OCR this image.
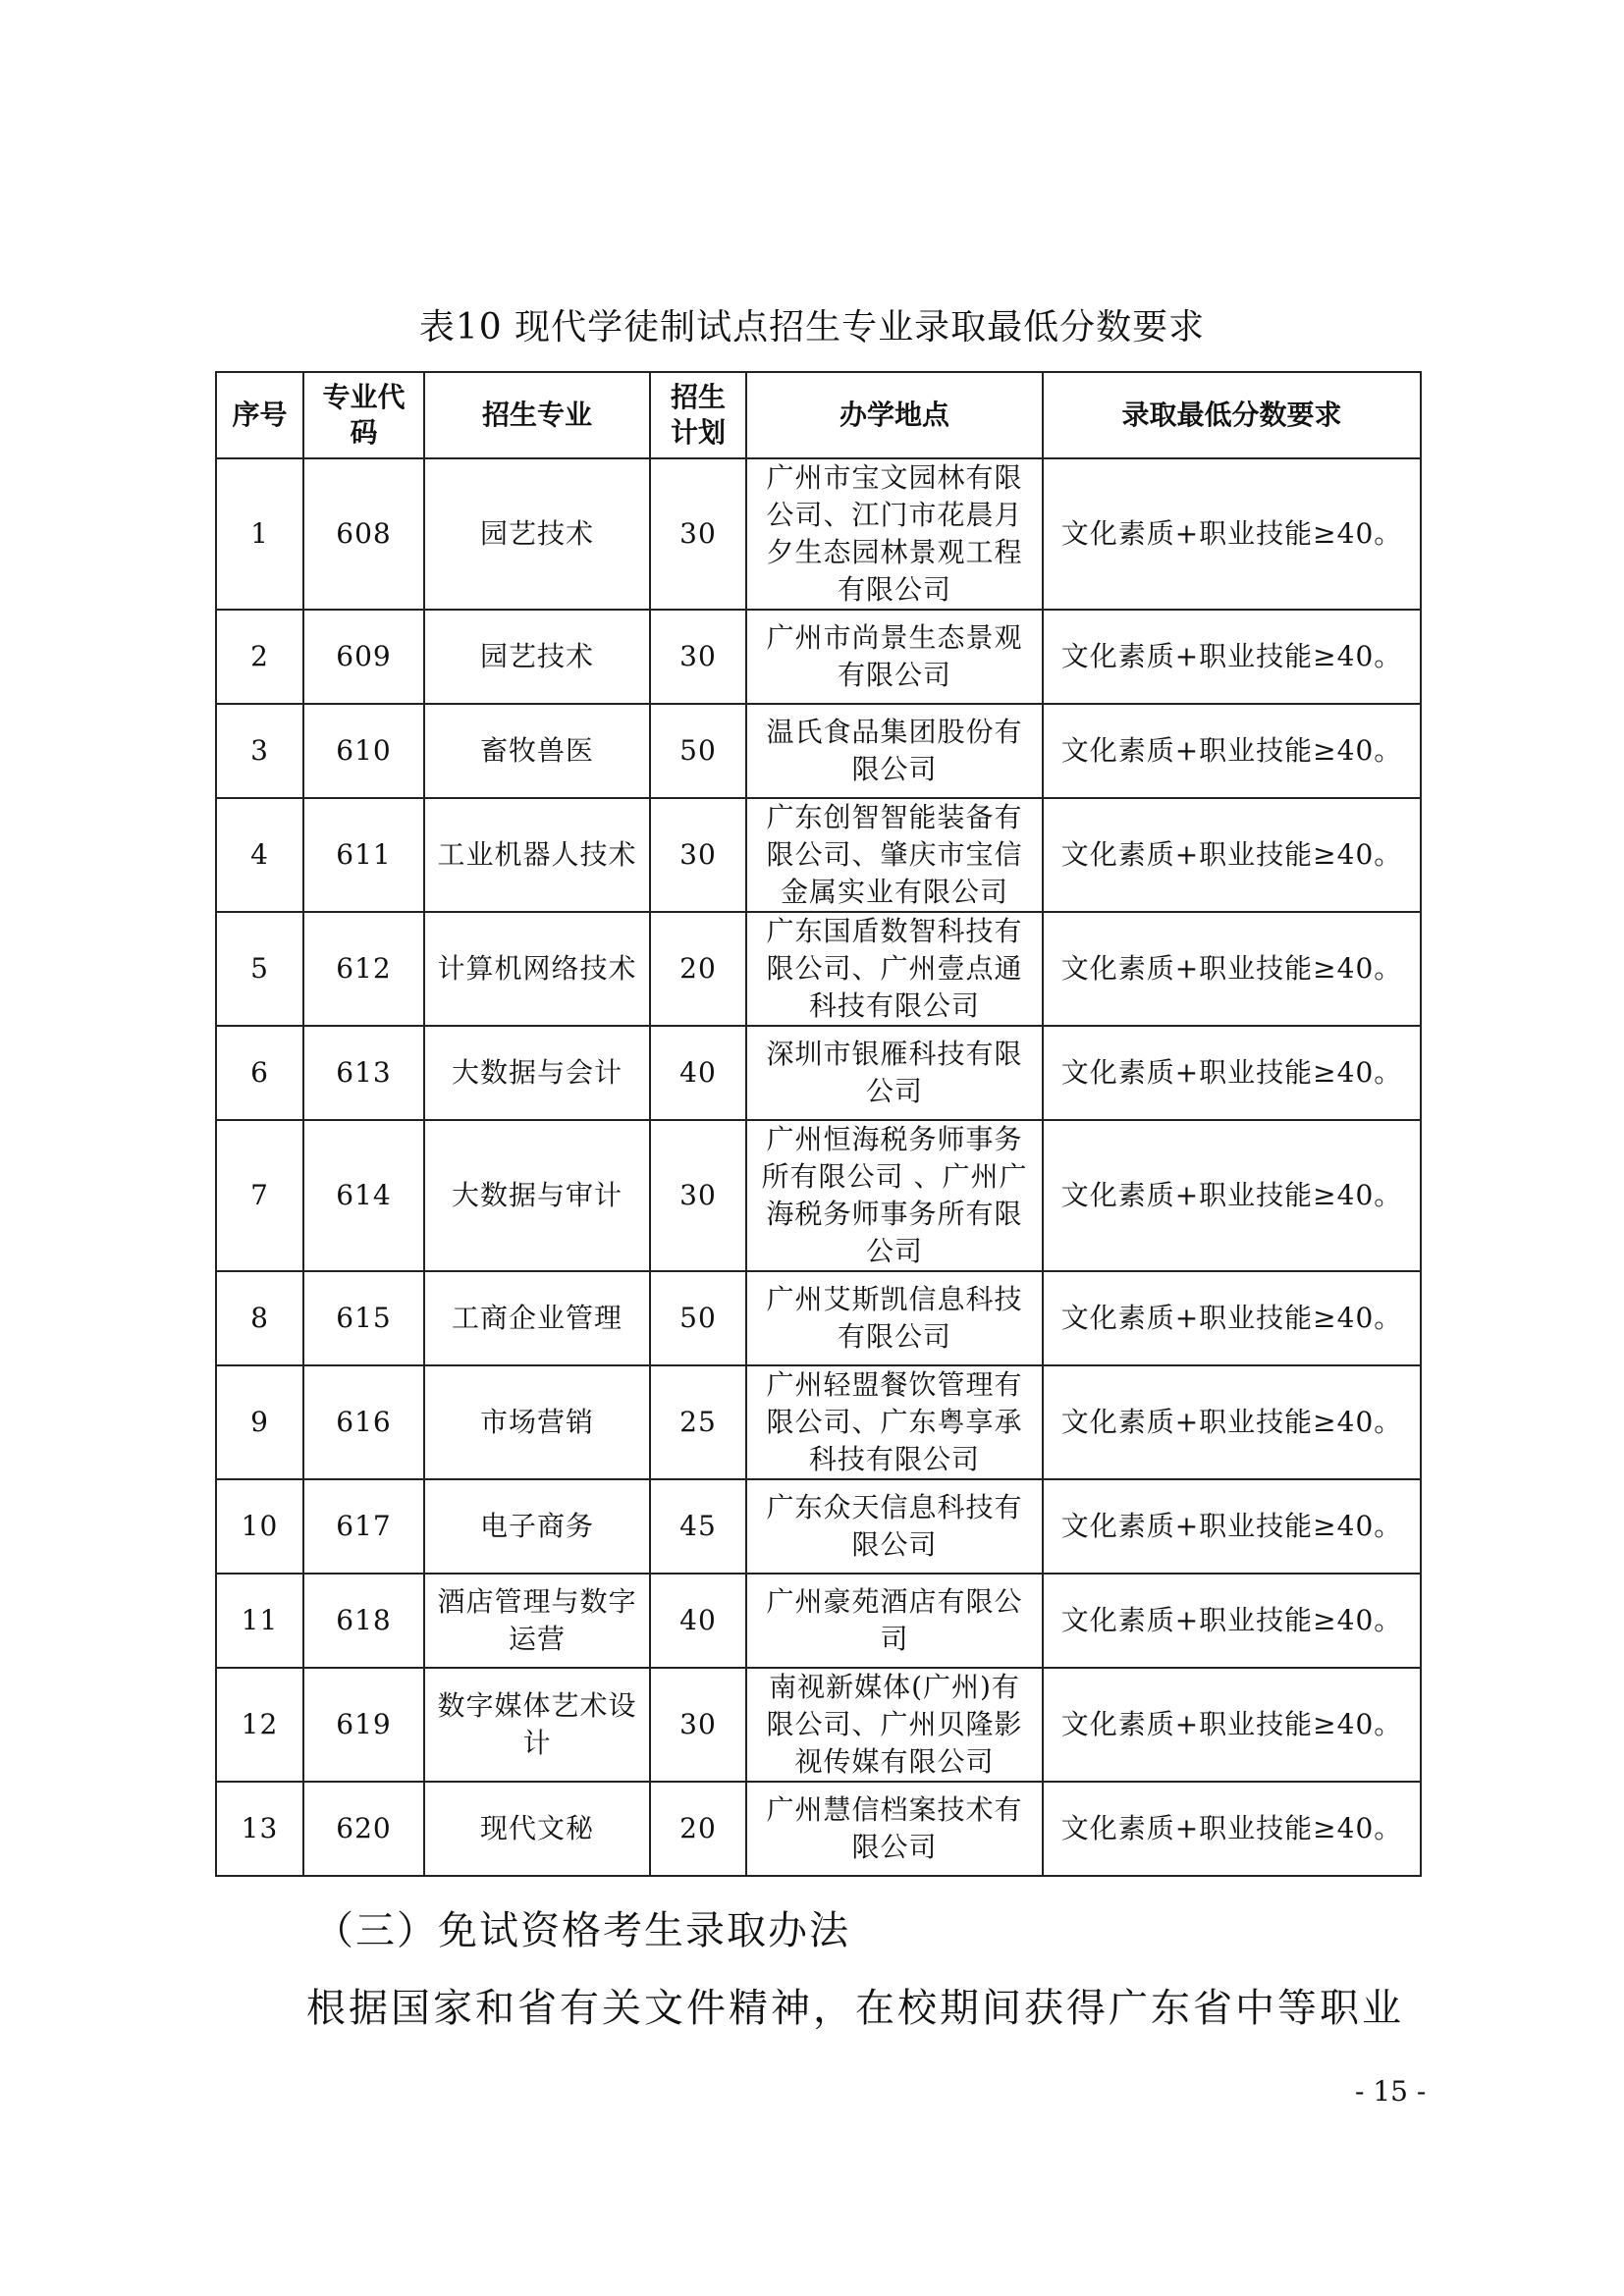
表10 现代学徒制试点招生专业录取最低分数要求
序号	专业代码	招生专业	招生计划	办学地点	录取最低分数要求
1	608	园艺技术	30	广州市宝文园林有限公司、江门市花晨月夕生态园林景观工程有限公司	文化素质+职业技能≥40。
2	609	园艺技术	30	广州市尚景生态景观有限公司	文化素质+职业技能≥40。
3	610	畜牧兽医	50	温氏食品集团股份有限公司	文化素质+职业技能≥40。
4	611	工业机器人技术	30	广东创智智能装备有限公司、肇庆市宝信金属实业有限公司	文化素质+职业技能≥40。
5	612	计算机网络技术	20	广东国盾数智科技有限公司、广州壹点通科技有限公司	文化素质+职业技能≥40。
6	613	大数据与会计	40	深圳市银雁科技有限公司	文化素质+职业技能≥40。
7	614	大数据与审计	30	广州恒海税务师事务所有限公司 、广州广海税务师事务所有限公司	文化素质+职业技能≥40。
8	615	工商企业管理	50	广州艾斯凯信息科技有限公司	文化素质+职业技能≥40。
9	616	市场营销	25	广州轻盟餐饮管理有限公司、广东粤享承科技有限公司	文化素质+职业技能≥40。
10	617	电子商务	45	广东众天信息科技有限公司	文化素质+职业技能≥40。
11	618	酒店管理与数字运营	40	广州豪苑酒店有限公司	文化素质+职业技能≥40。
12	619	数字媒体艺术设计	30	南视新媒体(广州)有限公司、广州贝隆影视传媒有限公司	文化素质+职业技能≥40。
13	620	现代文秘	20	广州慧信档案技术有限公司	文化素质+职业技能≥40。
（三）免试资格考生录取办法
根据国家和省有关文件精神，在校期间获得广东省中等职业
- 15 -
